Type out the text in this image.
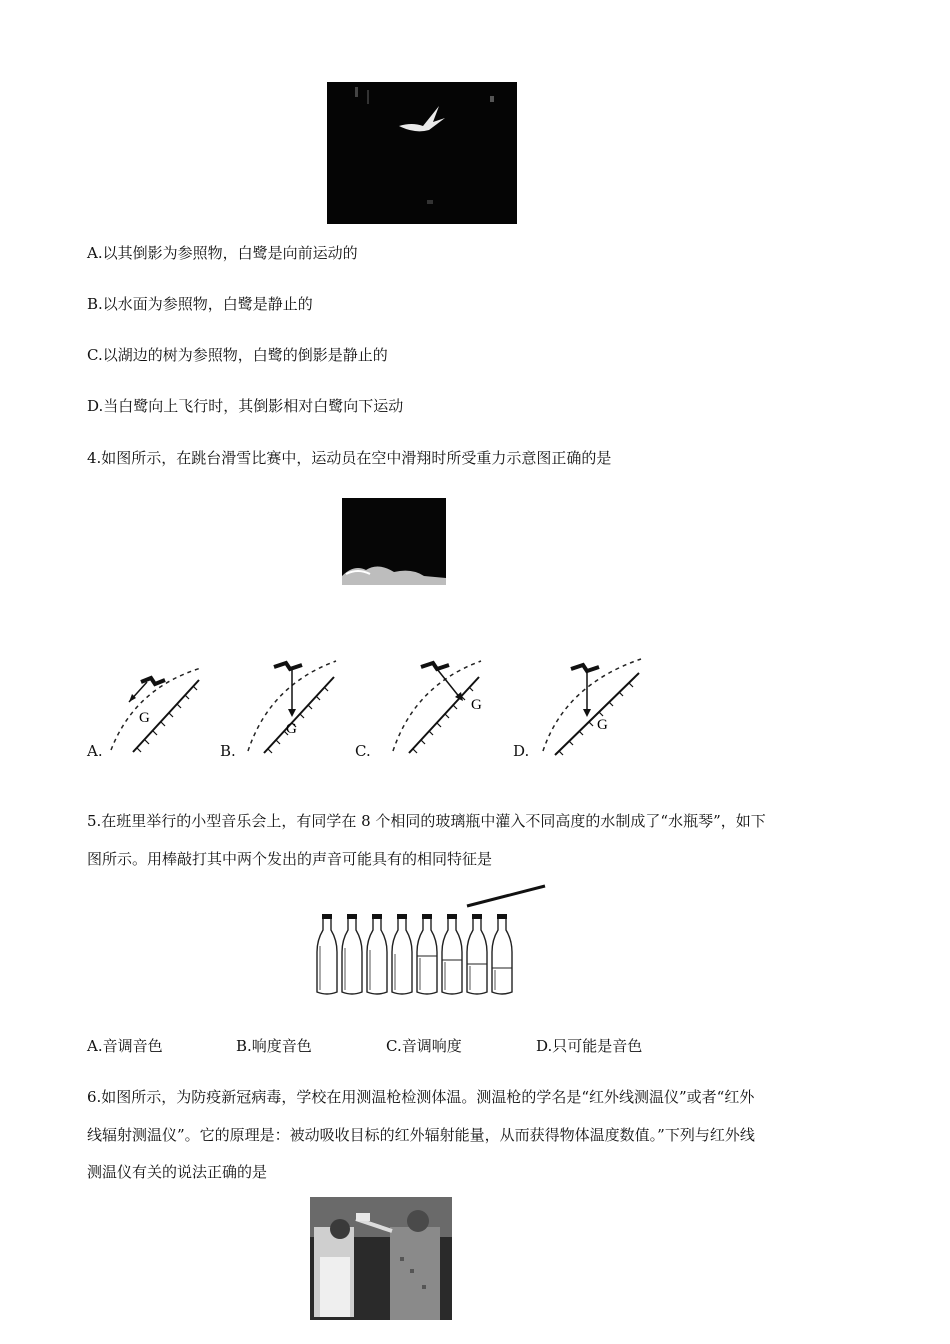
A.以其倒影为参照物，白鹭是向前运动的
B.以水面为参照物，白鹭是静止的
C.以湖边的树为参照物，白鹭的倒影是静止的
D.当白鹭向上飞行时，其倒影相对白鹭向下运动
4.如图所示，在跳台滑雪比赛中，运动员在空中滑翔时所受重力示意图正确的是
G
A.
G
B.
G
C.
G
D.
5.在班里举行的小型音乐会上，有同学在 8 个相同的玻璃瓶中灌入不同高度的水制成了“水瓶琴”，如下
图所示。用棒敲打其中两个发出的声音可能具有的相同特征是
A.音调音色	B.响度音色	C.音调响度	D.只可能是音色
6.如图所示，为防疫新冠病毒，学校在用测温枪检测体温。测温枪的学名是“红外线测温仪”或者“红外
线辐射测温仪”。它的原理是：被动吸收目标的红外辐射能量，从而获得物体温度数值。”下列与红外线
测温仪有关的说法正确的是
